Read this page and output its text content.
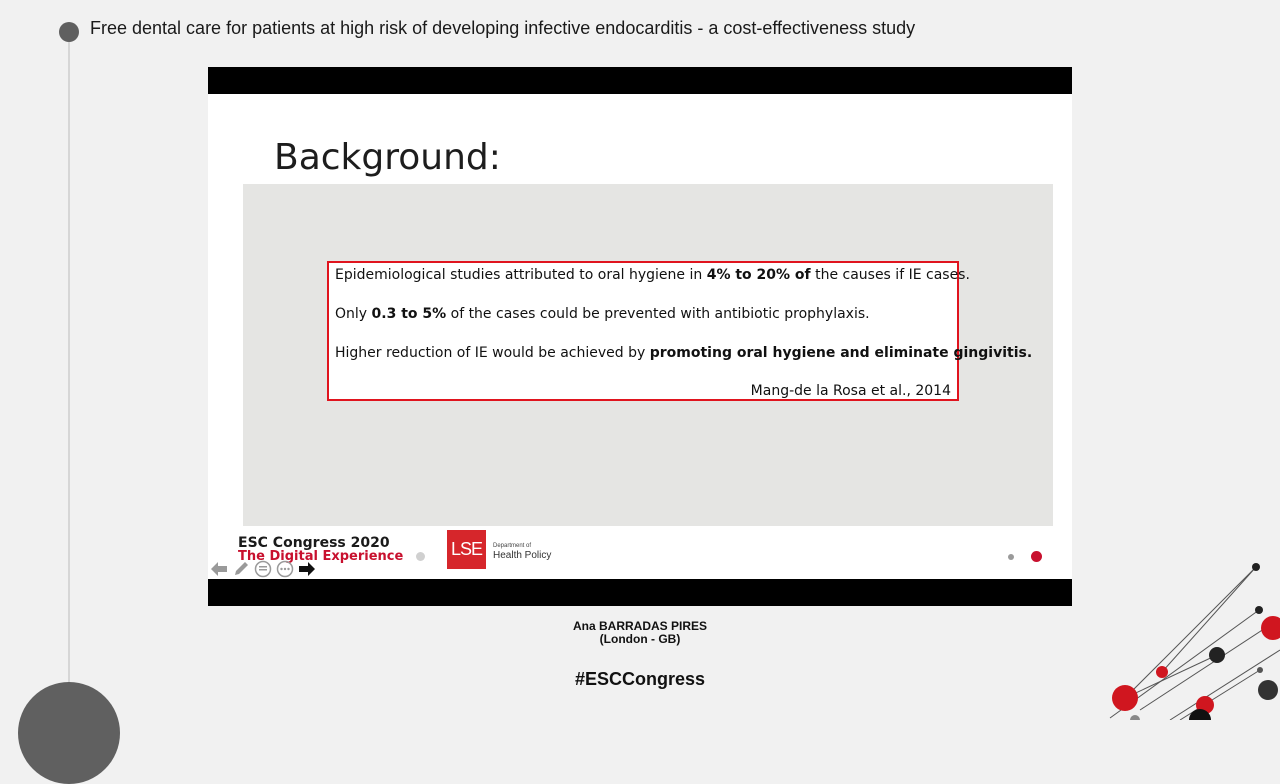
Free dental care for patients at high risk of developing infective endocarditis - a cost-effectiveness study
Background:
Epidemiological studies attributed to oral hygiene in 4% to 20% of the causes if IE cases.
Only 0.3 to 5% of the cases could be prevented with antibiotic prophylaxis.
Higher reduction of IE would be achieved by promoting oral hygiene and eliminate gingivitis.
Mang-de la Rosa et al., 2014
ESC Congress 2020
The Digital Experience	LSE	Department of
Health Policy
Ana BARRADAS PIRES
(London - GB)
#ESCCongress
